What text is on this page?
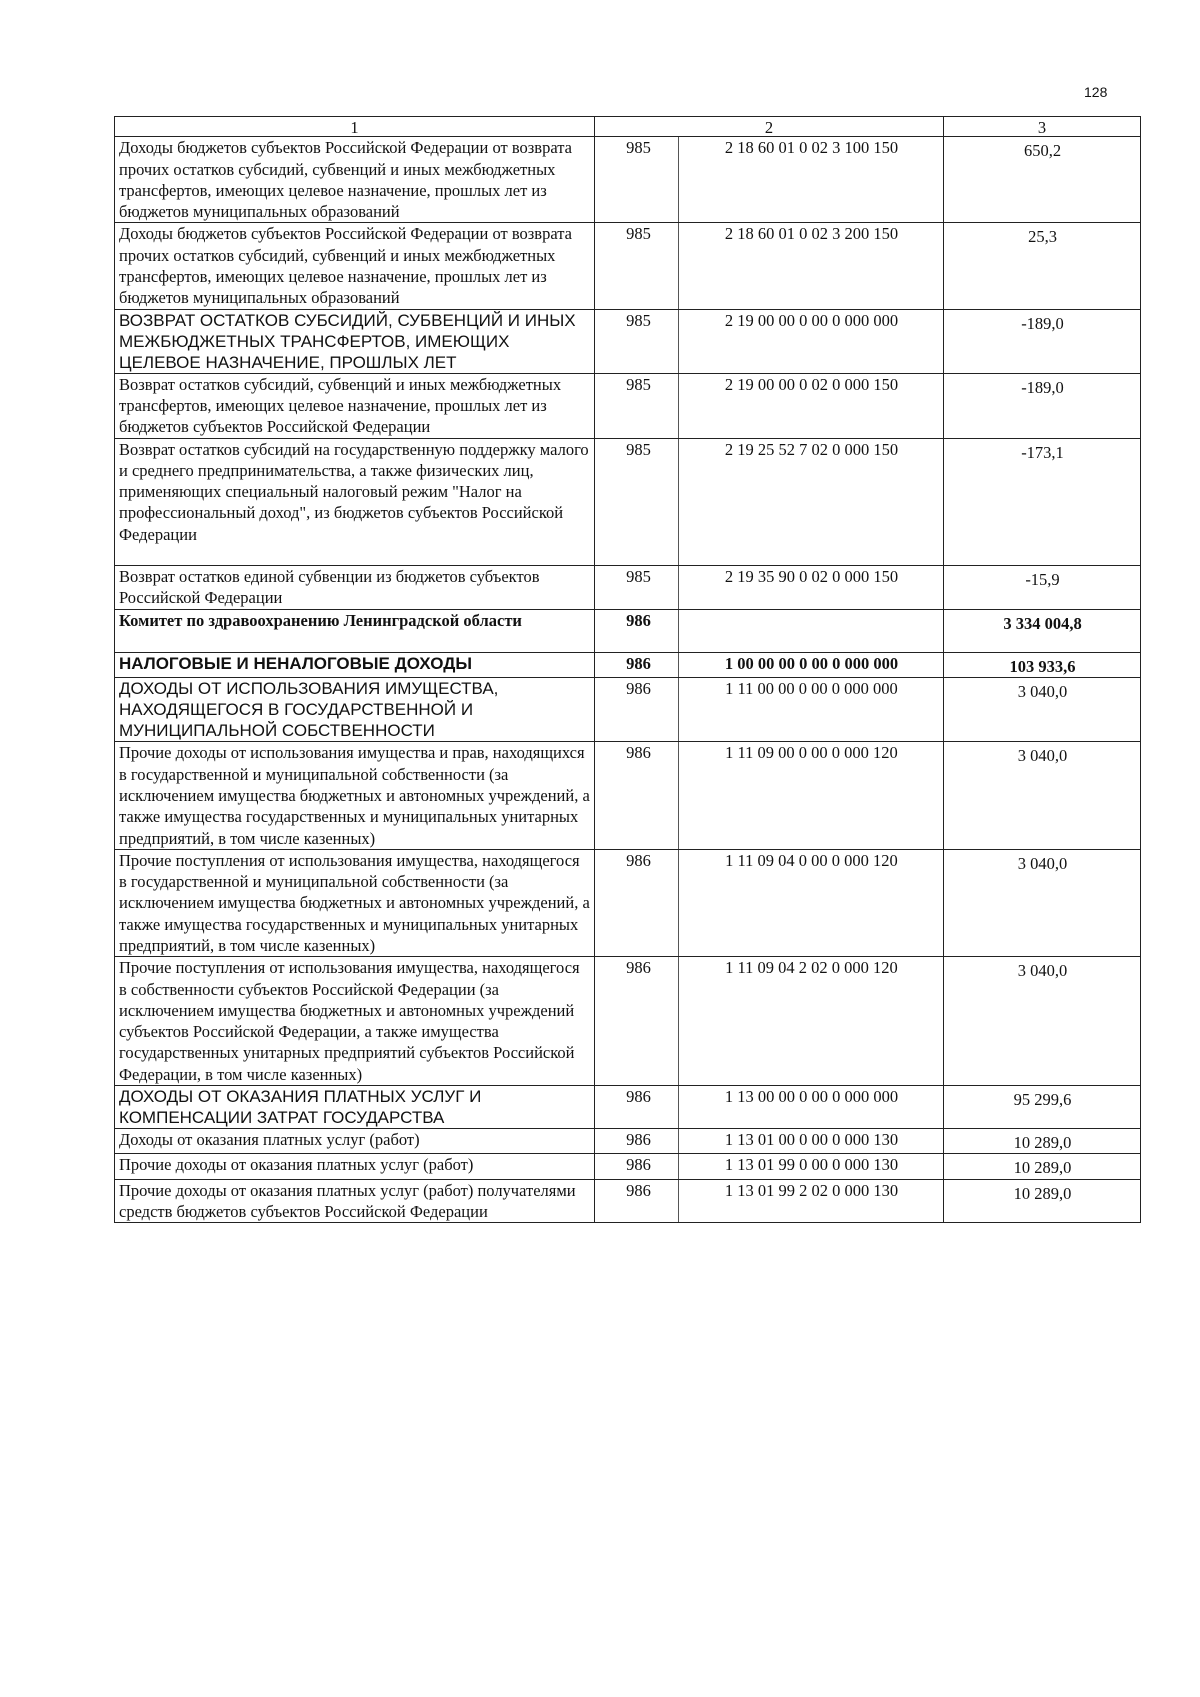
128
1	2		3
Доходы бюджетов субъектов Российской Федерации от возврата прочих остатков субсидий, субвенций и иных межбюджетных трансфертов, имеющих целевое назначение, прошлых лет из бюджетов муниципальных образований	985	2 18 60 01 0 02 3 100 150	650,2
Доходы бюджетов субъектов Российской Федерации от возврата прочих остатков субсидий, субвенций и иных межбюджетных трансфертов, имеющих целевое назначение, прошлых лет из бюджетов муниципальных образований	985	2 18 60 01 0 02 3 200 150	25,3
ВОЗВРАТ ОСТАТКОВ СУБСИДИЙ, СУБВЕНЦИЙ И ИНЫХ МЕЖБЮДЖЕТНЫХ ТРАНСФЕРТОВ, ИМЕЮЩИХ ЦЕЛЕВОЕ НАЗНАЧЕНИЕ, ПРОШЛЫХ ЛЕТ	985	2 19 00 00 0 00 0 000 000	-189,0
Возврат остатков субсидий, субвенций и иных межбюджетных трансфертов, имеющих целевое назначение, прошлых лет из бюджетов субъектов Российской Федерации	985	2 19 00 00 0 02 0 000 150	-189,0
Возврат остатков субсидий на государственную поддержку малого и среднего предпринимательства, а также физических лиц, применяющих специальный налоговый режим "Налог на профессиональный доход", из бюджетов субъектов Российской Федерации	985	2 19 25 52 7 02 0 000 150	-173,1
Возврат остатков единой субвенции из бюджетов субъектов Российской Федерации	985	2 19 35 90 0 02 0 000 150	-15,9
Комитет по здравоохранению Ленинградской области	986		3 334 004,8
НАЛОГОВЫЕ И НЕНАЛОГОВЫЕ ДОХОДЫ	986	1 00 00 00 0 00 0 000 000	103 933,6
ДОХОДЫ ОТ ИСПОЛЬЗОВАНИЯ ИМУЩЕСТВА, НАХОДЯЩЕГОСЯ В ГОСУДАРСТВЕННОЙ И МУНИЦИПАЛЬНОЙ СОБСТВЕННОСТИ	986	1 11 00 00 0 00 0 000 000	3 040,0
Прочие доходы от использования имущества и прав, находящихся в государственной и муниципальной собственности (за исключением имущества бюджетных и автономных учреждений, а также имущества государственных и муниципальных унитарных предприятий, в том числе казенных)	986	1 11 09 00 0 00 0 000 120	3 040,0
Прочие поступления от использования имущества, находящегося в государственной и муниципальной собственности (за исключением имущества бюджетных и автономных учреждений, а также имущества государственных и муниципальных унитарных предприятий, в том числе казенных)	986	1 11 09 04 0 00 0 000 120	3 040,0
Прочие поступления от использования имущества, находящегося в собственности субъектов Российской Федерации (за исключением имущества бюджетных и автономных учреждений субъектов Российской Федерации, а также имущества государственных унитарных предприятий субъектов Российской Федерации, в том числе казенных)	986	1 11 09 04 2 02 0 000 120	3 040,0
ДОХОДЫ ОТ ОКАЗАНИЯ ПЛАТНЫХ УСЛУГ И КОМПЕНСАЦИИ ЗАТРАТ ГОСУДАРСТВА	986	1 13 00 00 0 00 0 000 000	95 299,6
Доходы от оказания платных услуг (работ)	986	1 13 01 00 0 00 0 000 130	10 289,0
Прочие доходы от оказания платных услуг (работ)	986	1 13 01 99 0 00 0 000 130	10 289,0
Прочие доходы от оказания платных услуг (работ) получателями средств бюджетов субъектов Российской Федерации	986	1 13 01 99 2 02 0 000 130	10 289,0
